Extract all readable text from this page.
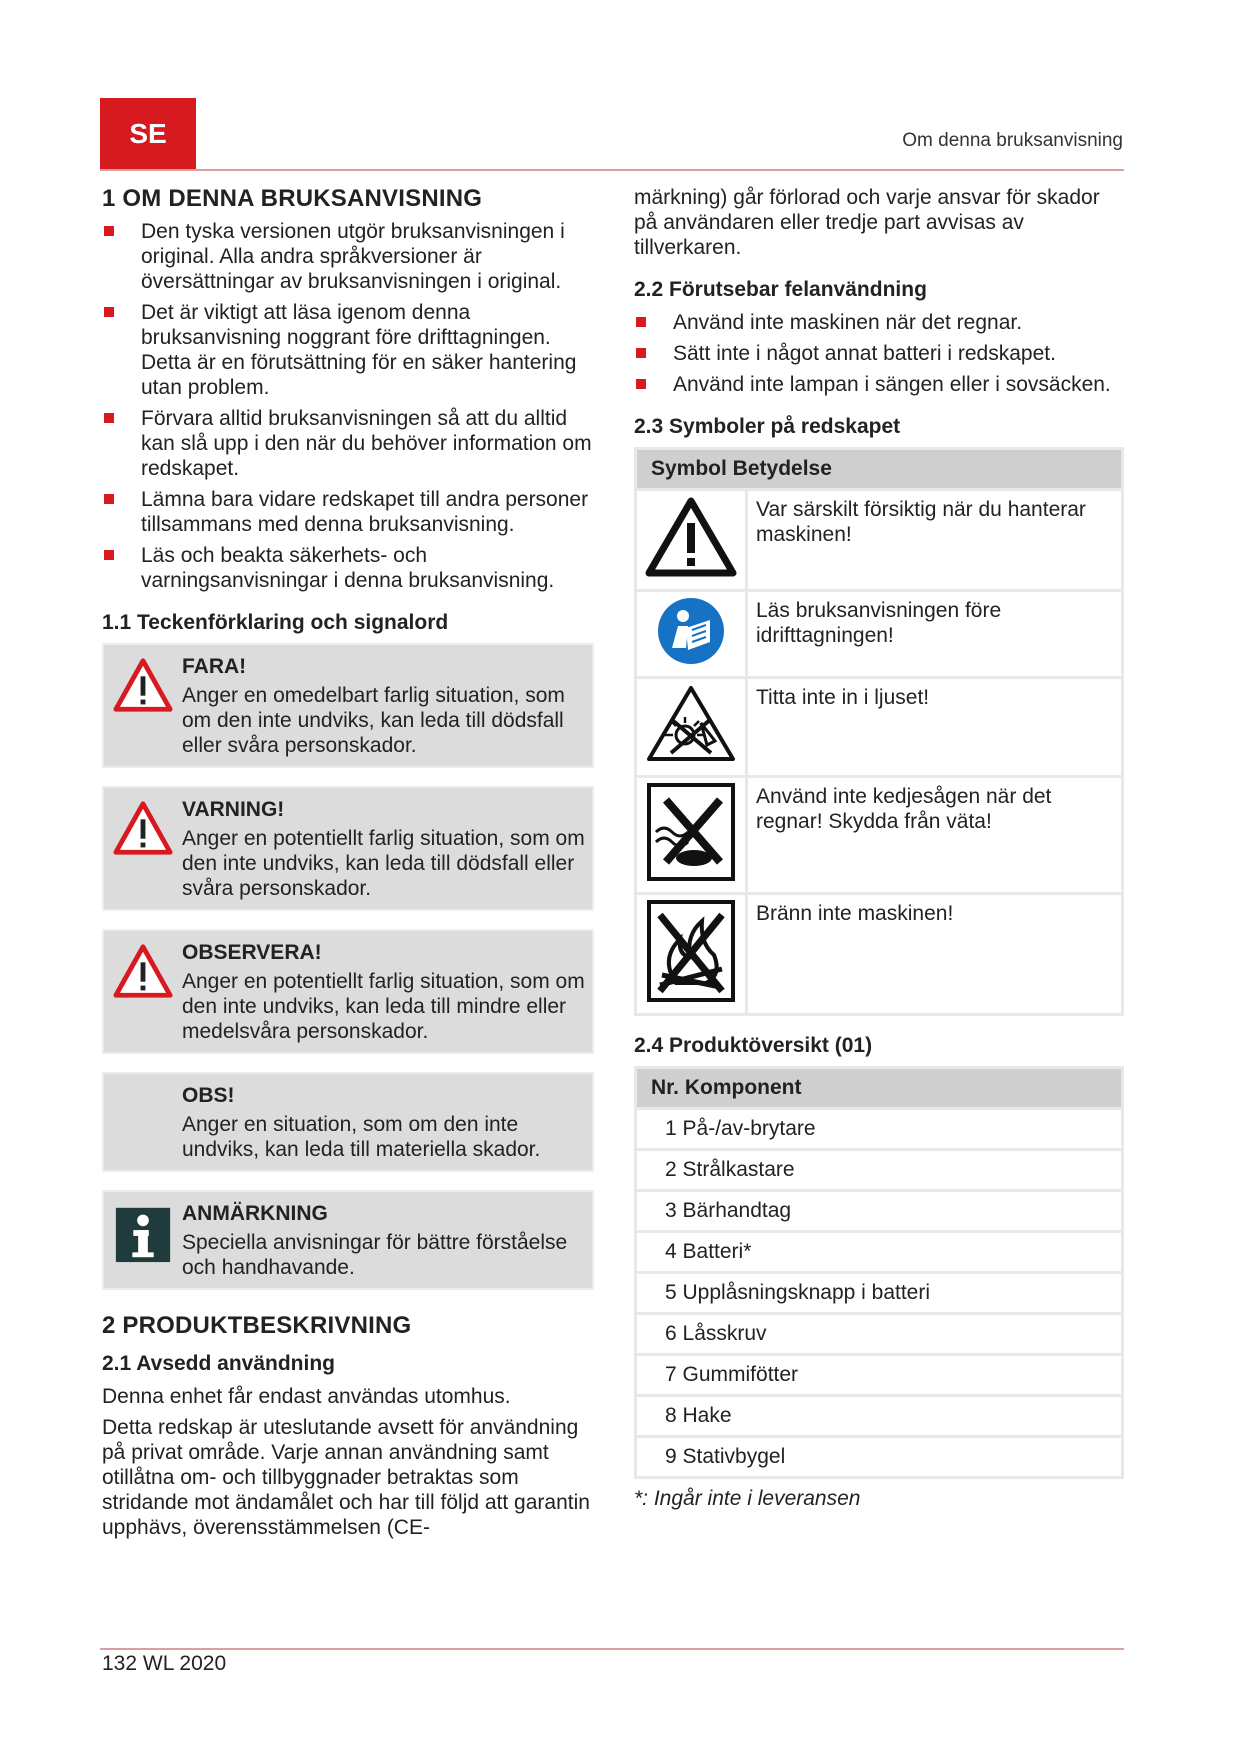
SE	Om denna bruksanvisning
1 OM DENNA BRUKSANVISNING
Den tyska versionen utgör bruksanvisningen i original. Alla andra språkversioner är översättningar av bruksanvisningen i original.
Det är viktigt att läsa igenom denna bruksanvisning noggrant före drifttagningen. Detta är en förutsättning för en säker hantering utan problem.
Förvara alltid bruksanvisningen så att du alltid kan slå upp i den när du behöver information om redskapet.
Lämna bara vidare redskapet till andra personer tillsammans med denna bruksanvisning.
Läs och beakta säkerhets- och varningsanvisningar i denna bruksanvisning.
1.1 Teckenförklaring och signalord
FARA!
Anger en omedelbart farlig situation, som om den inte undviks, kan leda till dödsfall eller svåra personskador.
VARNING!
Anger en potentiellt farlig situation, som om den inte undviks, kan leda till dödsfall eller svåra personskador.
OBSERVERA!
Anger en potentiellt farlig situation, som om den inte undviks, kan leda till mindre eller medelsvåra personskador.
OBS!
Anger en situation, som om den inte undviks, kan leda till materiella skador.
ANMÄRKNING
Speciella anvisningar för bättre förståelse och handhavande.
2 PRODUKTBESKRIVNING
2.1 Avsedd användning

Denna enhet får endast användas utomhus.

Detta redskap är uteslutande avsett för användning på privat område. Varje annan användning samt otillåtna om- och tillbyggnader betraktas som stridande mot ändamålet och har till följd att garantin upphävs, överensstämmelsen (CE-

märkning) går förlorad och varje ansvar för skador på användaren eller tredje part avvisas av tillverkaren.

2.2 Förutsebar felanvändning
Använd inte maskinen när det regnar.
Sätt inte i något annat batteri i redskapet.
Använd inte lampan i sängen eller i sovsäcken.
2.3 Symboler på redskapet
Symbol Betydelse	
	Var särskilt försiktig när du hanterar maskinen!
	Läs bruksanvisningen före idrifttagningen!
	Titta inte in i ljuset!
	Använd inte kedjesågen när det regnar! Skydda från väta!
	Bränn inte maskinen!
2.4 Produktöversikt (01)
Nr. Komponent
1 På-/av-brytare
2 Strålkastare
3 Bärhandtag
4 Batteri*
5 Upplåsningsknapp i batteri
6 Låsskruv
7 Gummifötter
8 Hake
9 Stativbygel
*: Ingår inte i leveransen
132 WL 2020
